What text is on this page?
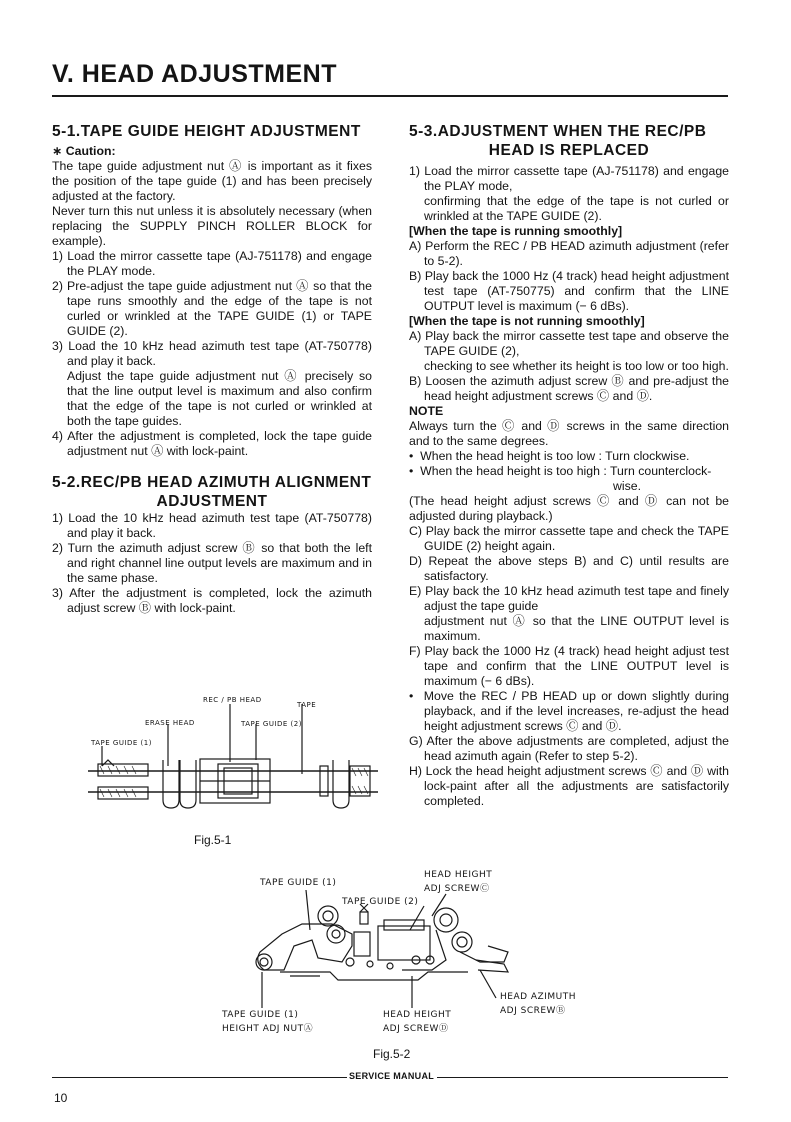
V. HEAD ADJUSTMENT

5-1.TAPE GUIDE HEIGHT ADJUSTMENT

∗ Caution:

The tape guide adjustment nut Ⓐ is important as it fixes the position of the tape guide (1) and has been precisely adjusted at the factory.

Never turn this nut unless it is absolutely necessary (when replacing the SUPPLY PINCH ROLLER BLOCK for example).

1) Load the mirror cassette tape (AJ-751178) and engage the PLAY mode.

2) Pre-adjust the tape guide adjustment nut Ⓐ so that the tape runs smoothly and the edge of the tape is not curled or wrinkled at the TAPE GUIDE (1) or TAPE GUIDE (2).

3) Load the 10 kHz head azimuth test tape (AT-750778) and play it back.

Adjust the tape guide adjustment nut Ⓐ precisely so that the line output level is maximum and also confirm that the edge of the tape is not curled or wrinkled at both the tape guides.

4) After the adjustment is completed, lock the tape guide adjustment nut Ⓐ with lock-paint.

5-2.REC/PB HEAD AZIMUTH ALIGNMENT

ADJUSTMENT

1) Load the 10 kHz head azimuth test tape (AT-750778) and play it back.

2) Turn the azimuth adjust screw Ⓑ so that both the left and right channel line output levels are maximum and in the same phase.

3) After the adjustment is completed, lock the azimuth adjust screw Ⓑ with lock-paint.

5-3.ADJUSTMENT WHEN THE REC/PB

HEAD IS REPLACED

1) Load the mirror cassette tape (AJ-751178) and engage the PLAY mode,

confirming that the edge of the tape is not curled or wrinkled at the TAPE GUIDE (2).

[When the tape is running smoothly]

A) Perform the REC / PB HEAD azimuth adjustment (refer to 5-2).

B) Play back the 1000 Hz (4 track) head height adjustment test tape (AT-750775) and confirm that the LINE OUTPUT level is maximum (− 6 dBs).

[When the tape is not running smoothly]

A) Play back the mirror cassette test tape and observe the TAPE GUIDE (2),

checking to see whether its height is too low or too high.

B) Loosen the azimuth adjust screw Ⓑ and pre-adjust the head height adjustment screws Ⓒ and Ⓓ.

NOTE

Always turn the Ⓒ and Ⓓ screws in the same direction and to the same degrees.

•  When the head height is too low : Turn clockwise.

•  When the head height is too high : Turn counterclock-

wise.

(The head height adjust screws Ⓒ and Ⓓ can not be adjusted during playback.)

C) Play back the mirror cassette tape and check the TAPE GUIDE (2) height again.

D) Repeat the above steps B) and C) until results are satisfactory.

E) Play back the 10 kHz head azimuth test tape and finely adjust the tape guide

adjustment nut Ⓐ so that the LINE OUTPUT level is maximum.

F) Play back the 1000 Hz (4 track) head height adjust test tape and confirm that the LINE OUTPUT level is maximum (− 6 dBs).

•  Move the REC / PB HEAD up or down slightly during playback, and if the level increases, re-adjust the head height adjustment screws Ⓒ and Ⓓ.

G) After the above adjustments are completed, adjust the head azimuth again (Refer to step 5-2).

H) Lock the head height adjustment screws Ⓒ and Ⓓ with lock-paint after all the adjustments are satisfactorily completed.

REC / PB HEAD
TAPE
ERASE HEAD	TAPE GUIDE (2)
TAPE GUIDE (1)
Fig.5-1
TAPE GUIDE (1)
HEAD HEIGHT
ADJ SCREWⒸ
TAPE GUIDE (2)
HEAD AZIMUTH
ADJ SCREWⒷ
TAPE GUIDE (1)
HEIGHT ADJ NUTⒶ
HEAD HEIGHT
ADJ SCREWⒹ
Fig.5-2
SERVICE MANUAL
10
